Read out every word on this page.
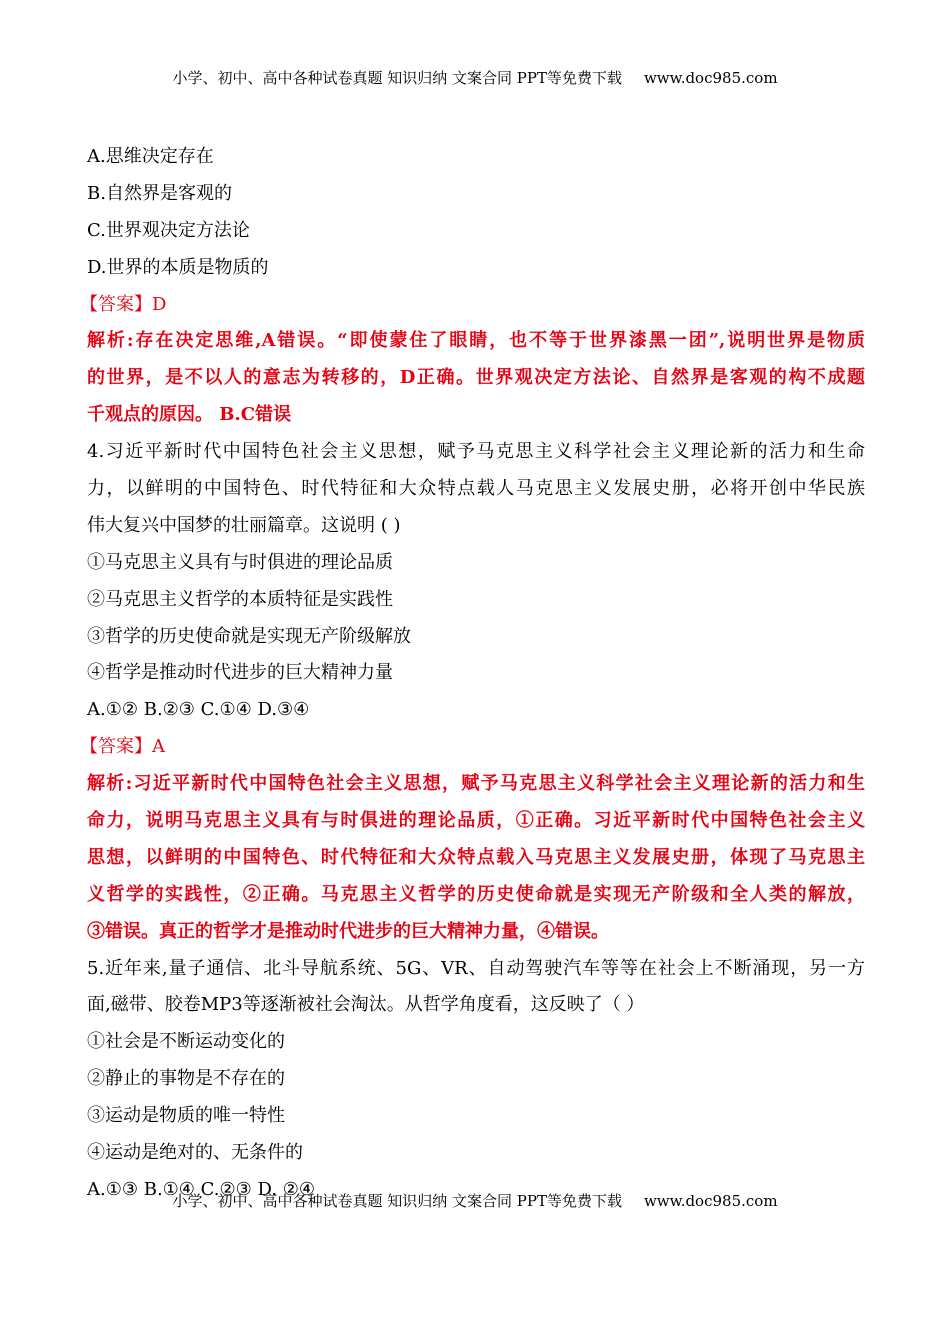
小学、初中、高中各种试卷真题 知识归纳 文案合同 PPT等免费下载 www.doc985.com
A.思维决定存在
B.自然界是客观的
C.世界观决定方法论
D.世界的本质是物质的
【答案】D
解析:存在决定思维,A错误。“即使蒙住了眼睛，也不等于世界漆黑一团”,说明世界是物质
的世界，是不以人的意志为转移的，D正确。世界观决定方法论、自然界是客观的构不成题
千观点的原因。 B.C错误
4.习近平新时代中国特色社会主义思想，赋予马克思主义科学社会主义理论新的活力和生命
力，以鲜明的中国特色、时代特征和大众特点载人马克思主义发展史册，必将开创中华民族
伟大复兴中国梦的壮丽篇章。这说明 ( )
①马克思主义具有与时俱进的理论品质
②马克思主义哲学的本质特征是实践性
③哲学的历史使命就是实现无产阶级解放
④哲学是推动时代进步的巨大精神力量
A.①② B.②③ C.①④ D.③④
【答案】A
解析:习近平新时代中国特色社会主义思想，赋予马克思主义科学社会主义理论新的活力和生
命力，说明马克思主义具有与时俱进的理论品质，①正确。习近平新时代中国特色社会主义
思想，以鲜明的中国特色、时代特征和大众特点载入马克思主义发展史册，体现了马克思主
义哲学的实践性，②正确。马克思主义哲学的历史使命就是实现无产阶级和全人类的解放，
③错误。真正的哲学才是推动时代进步的巨大精神力量，④错误。
5.近年来,量子通信、北斗导航系统、5G、VR、自动驾驶汽车等等在社会上不断涌现，另一方
面,磁带、胶卷MP3等逐渐被社会淘汰。从哲学角度看，这反映了（ ）
①社会是不断运动变化的
②静止的事物是不存在的
③运动是物质的唯一特性
④运动是绝对的、无条件的
A.①③ B.①④ C.②③ D. ②④
小学、初中、高中各种试卷真题 知识归纳 文案合同 PPT等免费下载 www.doc985.com
